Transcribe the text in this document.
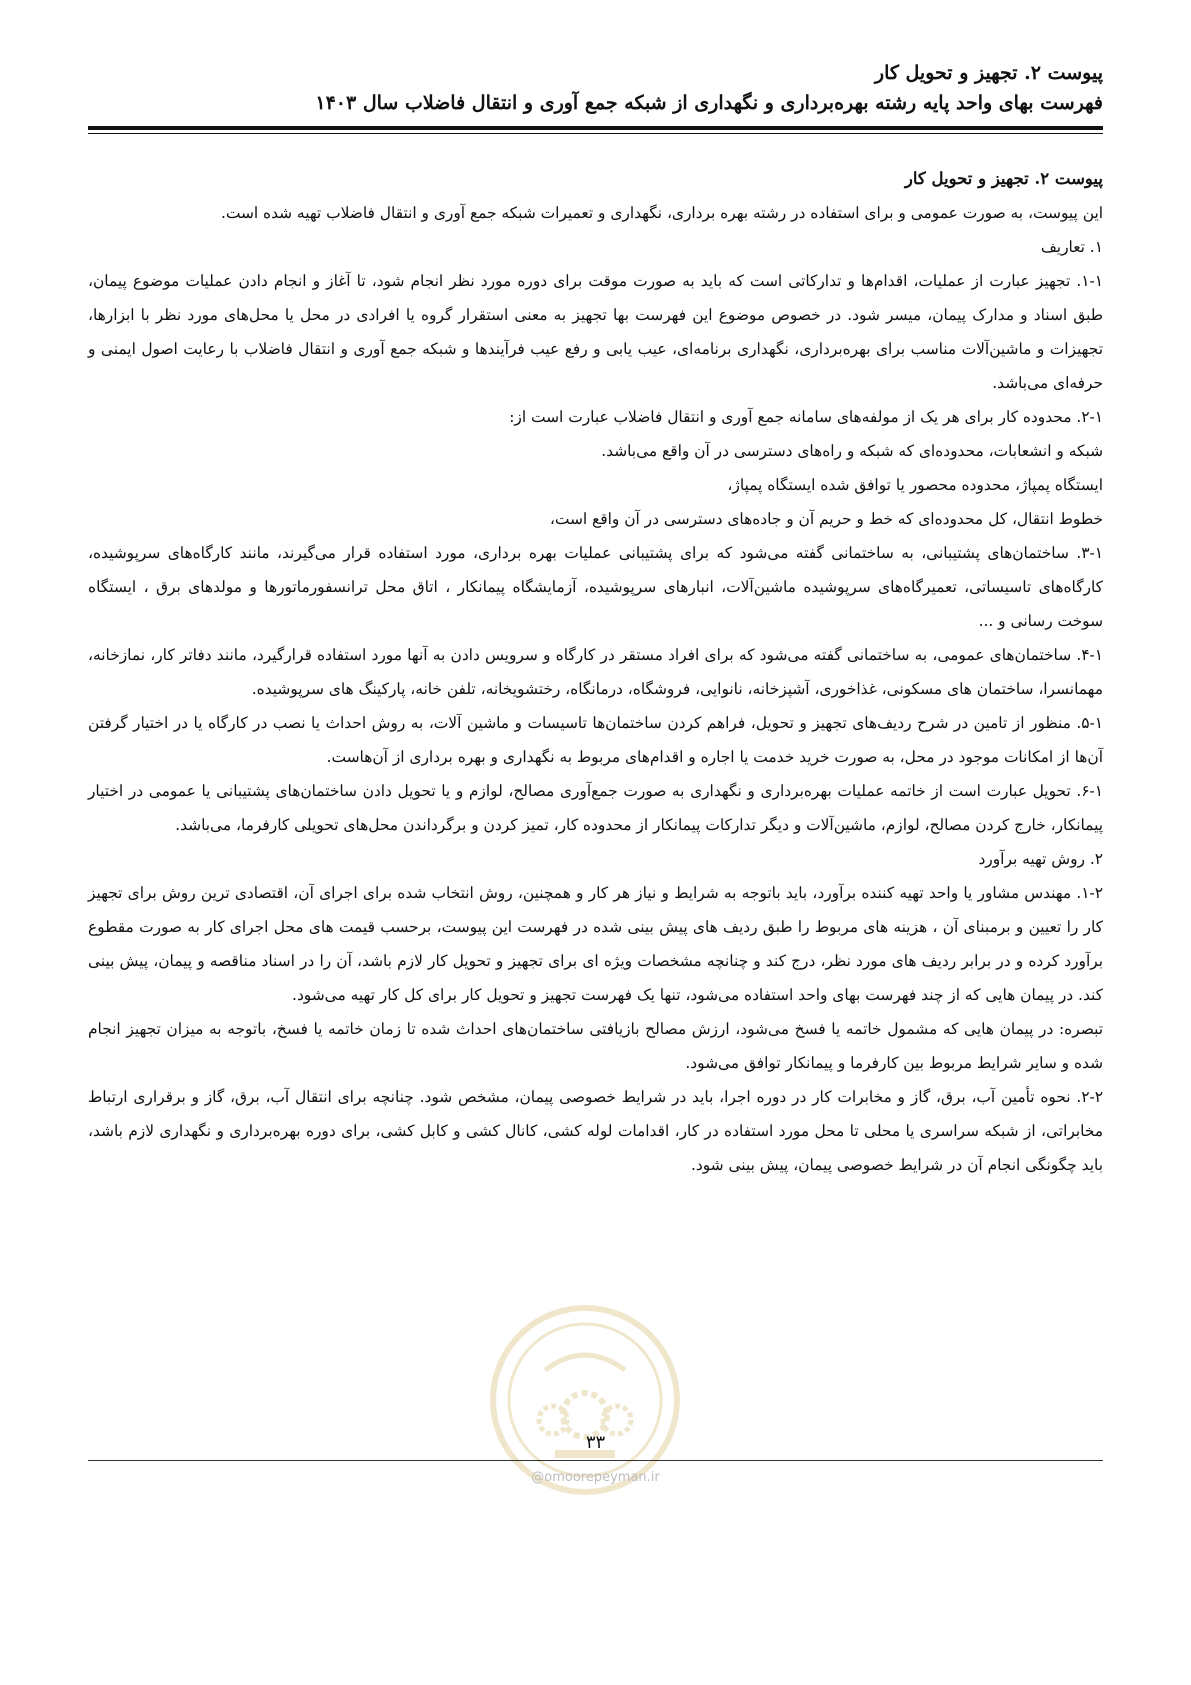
پیوست ۲. تجهیز و تحویل کار
فهرست بهای واحد پایه رشته بهره‌برداری و نگهداری از شبکه جمع آوری و انتقال فاضلاب سال ۱۴۰۳
پیوست ۲. تجهیز و تحویل کار

این پیوست، به صورت عمومی و برای استفاده در رشته بهره برداری، نگهداری و تعمیرات شبکه جمع آوری و انتقال فاضلاب تهیه شده است.

۱. تعاریف

۱-۱. تجهیز عبارت از عملیات، اقدام‌ها و تدارکاتی است که باید به صورت موقت برای دوره مورد نظر انجام شود، تا آغاز و انجام دادن عملیات موضوع پیمان، طبق اسناد و مدارک پیمان، میسر شود. در خصوص موضوع این فهرست بها تجهیز به معنی استقرار گروه یا افرادی در محل یا محل‌های مورد نظر با ابزارها، تجهیزات و ماشین‌آلات مناسب برای بهره‌برداری، نگهداری برنامه‌ای، عیب یابی و رفع عیب فرآیندها و شبکه جمع آوری و انتقال فاضلاب با رعایت اصول ایمنی و حرفه‌ای می‌باشد.

۲-۱. محدوده کار برای هر یک از مولفه‌های سامانه جمع آوری و انتقال فاضلاب عبارت است از:

شبکه و انشعابات، محدوده‌ای که شبکه و راه‌های دسترسی در آن واقع می‌باشد.

ایستگاه پمپاژ، محدوده محصور یا توافق شده ایستگاه پمپاژ،

خطوط انتقال، کل محدوده‌ای که خط و حریم آن و جاده‌های دسترسی در آن واقع است،

۳-۱. ساختمان‌های پشتیبانی، به ساختمانی گفته می‌شود که برای پشتیبانی عملیات بهره برداری، مورد استفاده قرار می‌گیرند، مانند کارگاه‌های سرپوشیده، کارگاه‌های تاسیساتی، تعمیرگاه‌های سرپوشیده ماشین‌آلات، انبارهای سرپوشیده، آزمایشگاه پیمانکار ، اتاق محل ترانسفورماتورها و مولدهای برق ، ایستگاه سوخت رسانی و ...

۴-۱. ساختمان‌های عمومی، به ساختمانی گفته می‌شود که برای افراد مستقر در کارگاه و سرویس دادن به آنها مورد استفاده قرارگیرد، مانند دفاتر کار، نمازخانه، مهمانسرا، ساختمان های مسکونی، غذاخوری، آشپزخانه، نانوایی، فروشگاه، درمانگاه، رختشویخانه، تلفن خانه، پارکینگ های سرپوشیده.

۵-۱. منظور از تامین در شرح ردیف‌های تجهیز و تحویل، فراهم کردن ساختمان‌ها تاسیسات و ماشین آلات، به روش احداث یا نصب در کارگاه یا در اختیار گرفتن آن‌ها از امکانات موجود در محل، به صورت خرید خدمت یا اجاره و اقدام‌های مربوط به نگهداری و بهره برداری از آن‌هاست.

۶-۱. تحویل عبارت است از خاتمه عملیات بهره‌برداری و نگهداری به صورت جمع‌آوری مصالح، لوازم و یا تحویل دادن ساختمان‌های پشتیبانی یا عمومی در اختیار پیمانکار، خارج کردن مصالح، لوازم، ماشین‌آلات و دیگر تدارکات پیمانکار از محدوده کار، تمیز کردن و برگرداندن محل‌های تحویلی کارفرما، می‌باشد.

۲. روش تهیه برآورد

۱-۲. مهندس مشاور یا واحد تهیه کننده برآورد، باید باتوجه به شرایط و نیاز هر کار و همچنین، روش انتخاب شده برای اجرای آن، اقتصادی ترین روش برای تجهیز کار را تعیین و برمبنای آن ، هزینه های مربوط را طبق ردیف های پیش بینی شده در فهرست این پیوست، برحسب قیمت های محل اجرای کار به صورت مقطوع برآورد کرده و در برابر ردیف های مورد نظر، درج کند و چنانچه مشخصات ویژه ای برای تجهیز و تحویل کار لازم باشد، آن را در اسناد مناقصه و پیمان، پیش بینی کند. در پیمان هایی که از چند فهرست بهای واحد استفاده می‌شود، تنها یک فهرست تجهیز و تحویل کار برای کل کار تهیه می‌شود.

تبصره: در پیمان هایی که مشمول خاتمه یا فسخ می‌شود، ارزش مصالح بازیافتی ساختمان‌های احداث شده تا زمان خاتمه یا فسخ، باتوجه به میزان تجهیز انجام شده و سایر شرایط مربوط بین کارفرما و پیمانکار توافق می‌شود.

۲-۲. نحوه تأمین آب، برق، گاز و مخابرات کار در دوره اجرا، باید در شرایط خصوصی پیمان، مشخص شود. چنانچه برای انتقال آب، برق، گاز و برقراری ارتباط مخابراتی، از شبکه سراسری یا محلی تا محل مورد استفاده در کار، اقدامات لوله کشی، کانال کشی و کابل کشی، برای دوره بهره‌برداری و نگهداری لازم باشد، باید چگونگی انجام آن در شرایط خصوصی پیمان، پیش بینی شود.

۳۳
@omoorepeyman.ir
